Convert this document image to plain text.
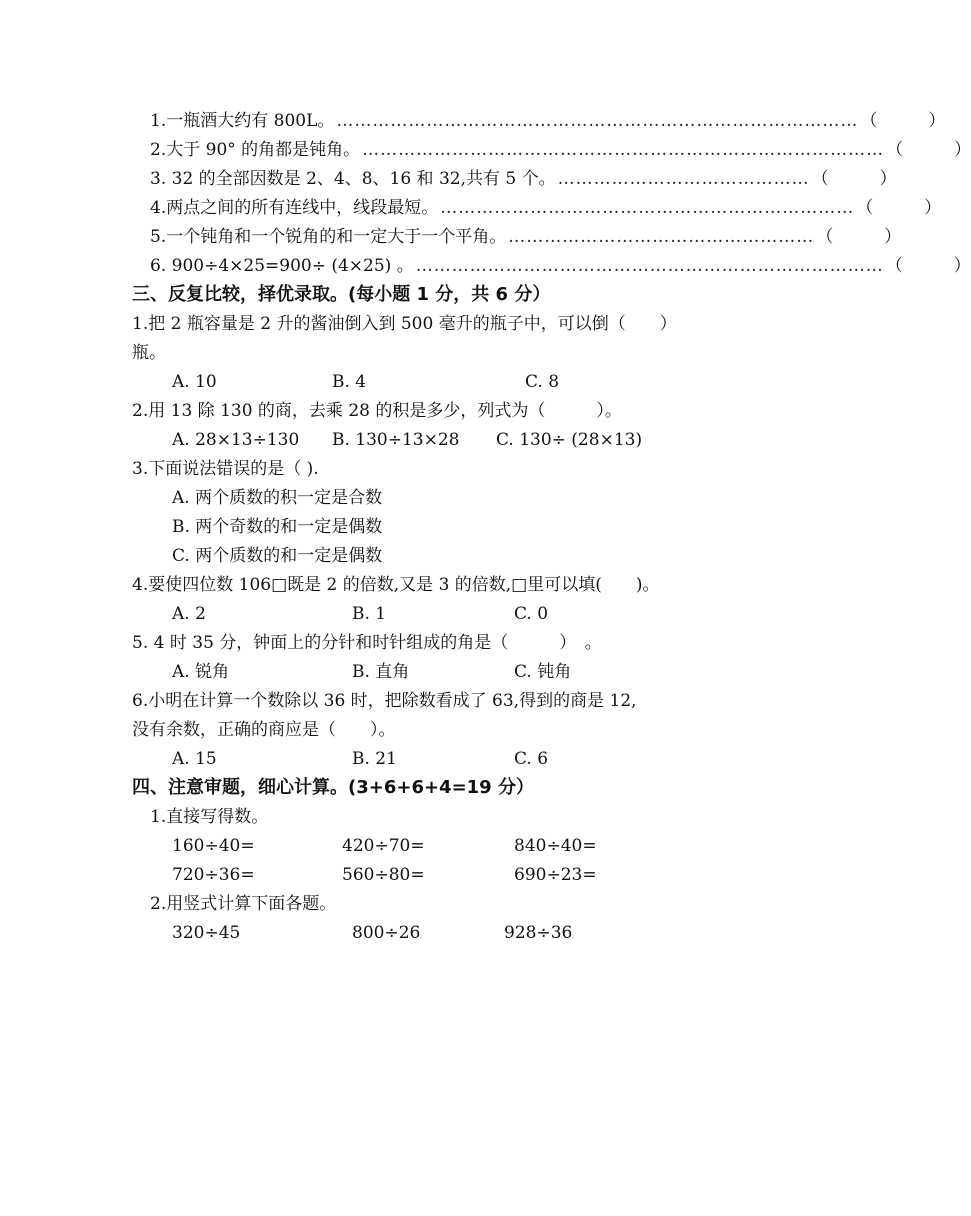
1.一瓶酒大约有 800L。 …………………………………………………………………………… （　　　）
2.大于 90° 的角都是钝角。 …………………………………………………………………………… （　　　）
3. 32 的全部因数是 2、4、8、16 和 32,共有 5 个。 …………………………………… （　　　）
4.两点之间的所有连线中，线段最短。 …………………………………………………………… （　　　）
5.一个钝角和一个锐角的和一定大于一个平角。 …………………………………………… （　　　）
6. 900÷4×25=900÷ (4×25) 。 …………………………………………………………………… （　　　）
三、反复比较，择优录取。(每小题 1 分，共 6 分）
1.把 2 瓶容量是 2 升的酱油倒入到 500 毫升的瓶子中，可以倒（　　）
瓶。
A. 10	B. 4	C. 8
2.用 13 除 130 的商，去乘 28 的积是多少，列式为（　　　）。
A. 28×13÷130 B. 130÷13×28 C. 130÷ (28×13)
3.下面说法错误的是（ ).
A. 两个质数的积一定是合数
B. 两个奇数的和一定是偶数
C. 两个质数的和一定是偶数
4.要使四位数 106□既是 2 的倍数,又是 3 的倍数,□里可以填(　　)。
A. 2	B. 1	C. 0
5. 4 时 35 分，钟面上的分针和时针组成的角是（　　　）　。
A. 锐角	B. 直角	C. 钝角
6.小明在计算一个数除以 36 时，把除数看成了 63,得到的商是 12,
没有余数，正确的商应是（　　）。
A. 15	B. 21	C. 6
四、注意审题，细心计算。(3+6+6+4=19 分）
1.直接写得数。
160÷40=	420÷70=	840÷40=
720÷36=	560÷80=	690÷23=
2.用竖式计算下面各题。
320÷45	800÷26	928÷36
